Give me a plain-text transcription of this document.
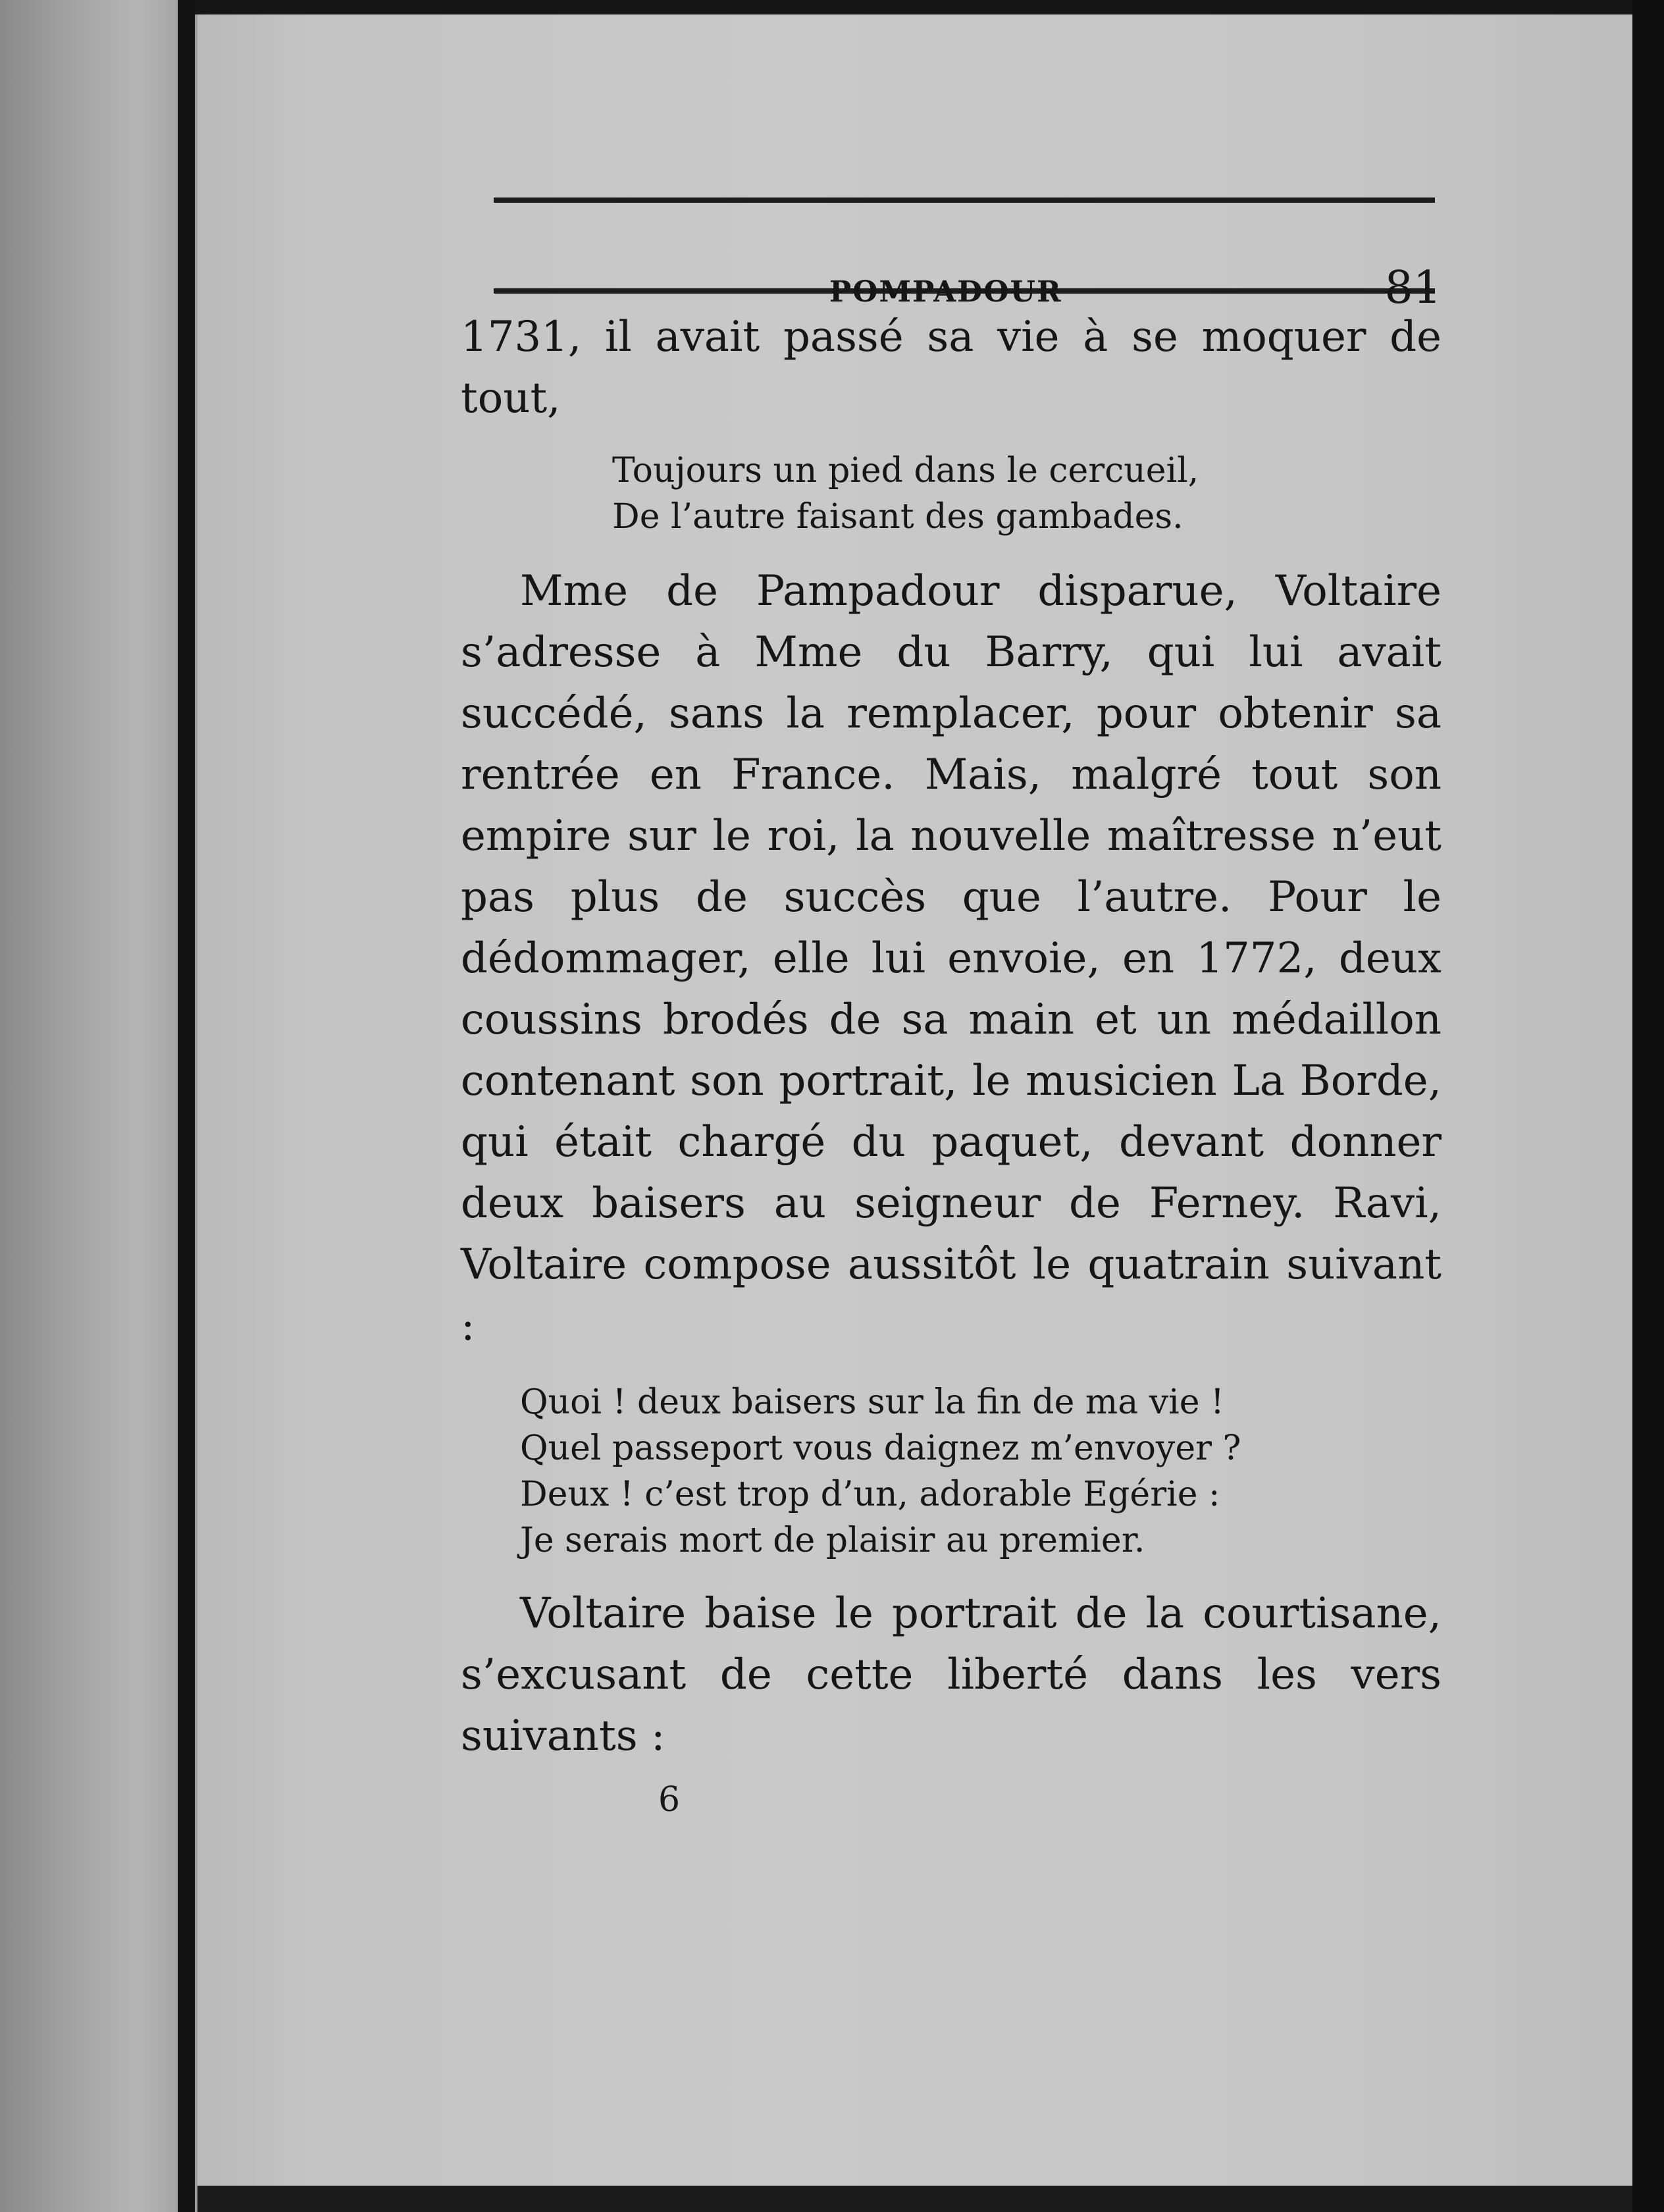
POMPADOUR	81

1731, il avait passé sa vie à se moquer de tout,

Toujours un pied dans le cercueil,
De l’autre faisant des gambades.

Mme de Pampadour disparue, Voltaire s’adresse à Mme du Barry, qui lui avait succédé, sans la remplacer, pour obtenir sa rentrée en France. Mais, malgré tout son empire sur le roi, la nouvelle maîtresse n’eut pas plus de succès que l’autre. Pour le dédommager, elle lui envoie, en 1772, deux coussins brodés de sa main et un médaillon contenant son portrait, le musicien La Borde, qui était chargé du paquet, devant donner deux baisers au seigneur de Ferney. Ravi, Voltaire compose aussitôt le quatrain suivant :

Quoi ! deux baisers sur la fin de ma vie !
Quel passeport vous daignez m’envoyer ?
Deux ! c’est trop d’un, adorable Egérie :
Je serais mort de plaisir au premier.

Voltaire baise le portrait de la courtisane, s’excusant de cette liberté dans les vers suivants :

6
